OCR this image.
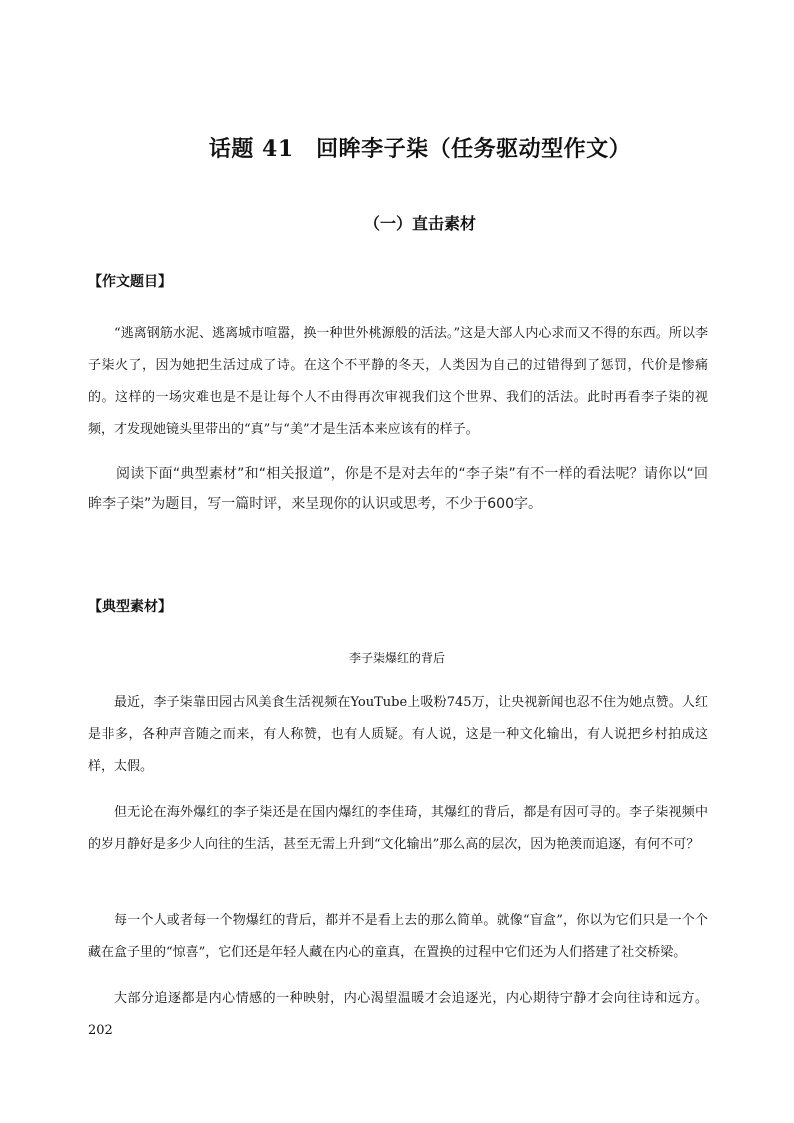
话题 41　回眸李子柒（任务驱动型作文）
（一）直击素材
【作文题目】

“逃离钢筋水泥、逃离城市喧嚣，换一种世外桃源般的活法。”这是大部人内心求而又不得的东西。所以李子柒火了，因为她把生活过成了诗。在这个不平静的冬天，人类因为自己的过错得到了惩罚，代价是惨痛的。这样的一场灾难也是不是让每个人不由得再次审视我们这个世界、我们的活法。此时再看李子柒的视频，才发现她镜头里带出的“真”与“美”才是生活本来应该有的样子。

阅读下面“典型素材”和“相关报道”，你是不是对去年的“李子柒”有不一样的看法呢？请你以“回眸李子柒”为题目，写一篇时评，来呈现你的认识或思考，不少于600字。

【典型素材】
李子柒爆红的背后

最近，李子柒靠田园古风美食生活视频在YouTube上吸粉745万，让央视新闻也忍不住为她点赞。人红是非多，各种声音随之而来，有人称赞，也有人质疑。有人说，这是一种文化输出，有人说把乡村拍成这样，太假。

但无论在海外爆红的李子柒还是在国内爆红的李佳琦，其爆红的背后，都是有因可寻的。李子柒视频中的岁月静好是多少人向往的生活，甚至无需上升到“文化输出”那么高的层次，因为艳羡而追逐，有何不可？

每一个人或者每一个物爆红的背后，都并不是看上去的那么简单。就像“盲盒”，你以为它们只是一个个藏在盒子里的“惊喜”，它们还是年轻人藏在内心的童真，在置换的过程中它们还为人们搭建了社交桥梁。

大部分追逐都是内心情感的一种映射，内心渴望温暖才会追逐光，内心期待宁静才会向往诗和远方。202
